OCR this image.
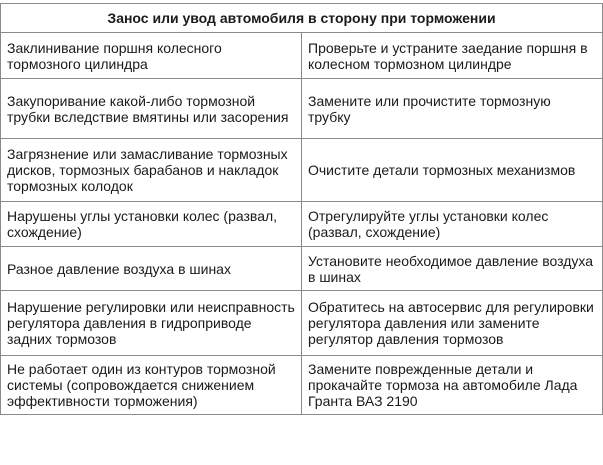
Занос или увод автомобиля в сторону при торможении	
Заклинивание поршня колесного тормозного цилиндра	Проверьте и устраните заедание поршня в колесном тормозном цилиндре
Закупоривание какой-либо тормозной трубки вследствие вмятины или засорения	Замените или прочистите тормозную трубку
Загрязнение или замасливание тормозных дисков, тормозных барабанов и накладок тормозных колодок	Очистите детали тормозных механизмов
Нарушены углы установки колес (развал, схождение)	Отрегулируйте углы установки колес (развал, схождение)
Разное давление воздуха в шинах	Установите необходимое давление воздуха в шинах
Нарушение регулировки или неисправность регулятора давления в гидроприводе задних тормозов	Обратитесь на автосервис для регулировки регулятора давления или замените регулятор давления тормозов
Не работает один из контуров тормозной системы (сопровождается снижением эффективности торможения)	Замените поврежденные детали и прокачайте тормоза на автомобиле Лада Гранта ВАЗ 2190
